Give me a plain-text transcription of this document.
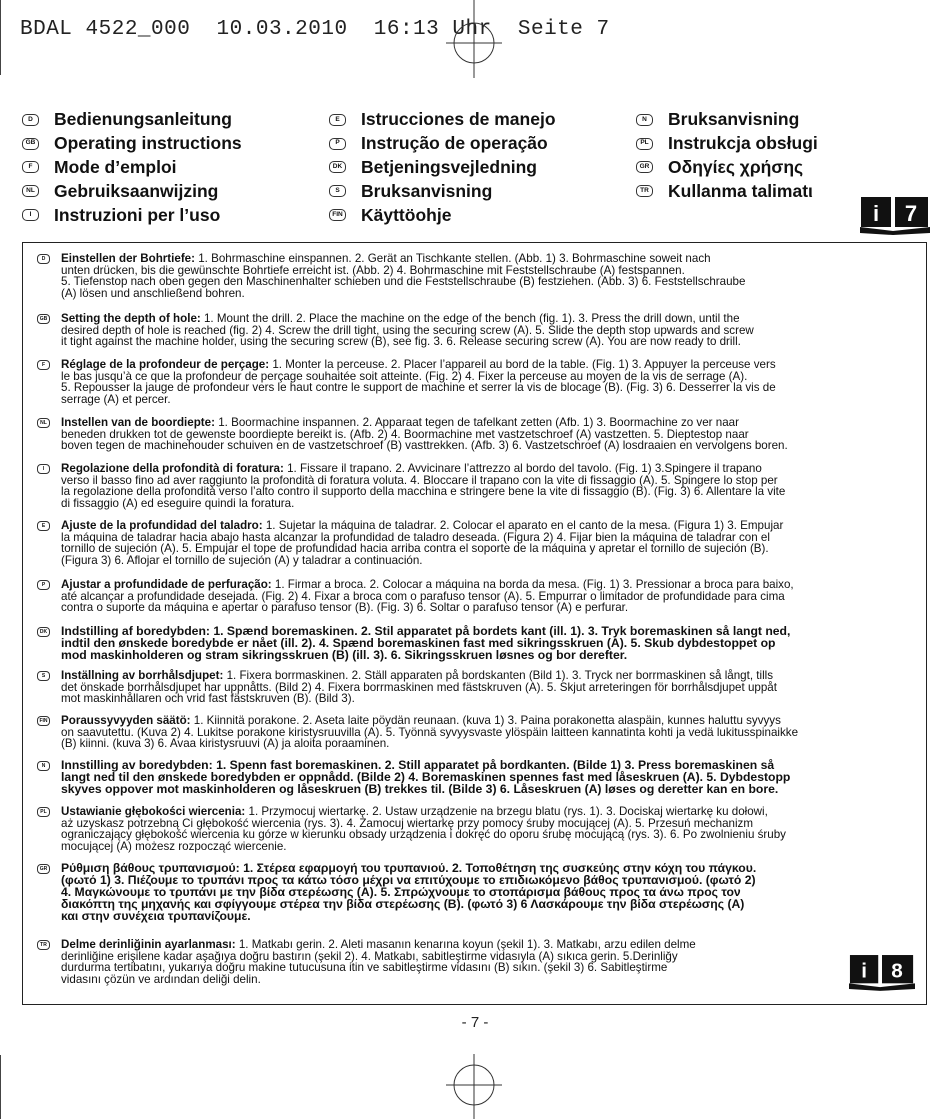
BDAL 4522_000  10.03.2010  16:13 Uhr  Seite 7
D	Bedienungsanleitung
GB Operating instructions
F	Mode d’emploi
NL Gebruiksaanwijzing
I	Instruzioni per l’uso
E	Istrucciones de manejo
P	Instrução de operação
DK Betjeningsvejledning
S	Bruksanvisning
FIN Käyttöohje
N	Bruksanvisning
PL Instrukcja obsługi
GR Οδηγίες χρήσης
TR Kullanma talimatι
i 7
D	Einstellen der Bohrtiefe: 1. Bohrmaschine einspannen. 2. Gerät an Tischkante stellen. (Abb. 1) 3. Bohrmaschine soweit nach
unten drücken, bis die gewünschte Bohrtiefe erreicht ist. (Abb. 2) 4. Bohrmaschine mit Feststellschraube (A) festspannen.
5. Tiefenstop nach oben gegen den Maschinenhalter schieben und die Feststellschraube (B) festziehen. (Abb. 3) 6. Feststellschraube
(A) lösen und anschließend bohren.
GB Setting the depth of hole: 1. Mount the drill. 2. Place the machine on the edge of the bench (fig. 1). 3. Press the drill down, until the
desired depth of hole is reached (fig. 2) 4. Screw the drill tight, using the securing screw (A). 5. Slide the depth stop upwards and screw
it tight against the machine holder, using the securing screw (B), see fig. 3. 6. Release securing screw (A). You are now ready to drill.
F	Réglage de la profondeur de perçage: 1. Monter la perceuse. 2. Placer l’appareil au bord de la table. (Fig. 1) 3. Appuyer la perceuse vers
le bas jusqu’à ce que la profondeur de perçage souhaitée soit atteinte. (Fig. 2) 4. Fixer la perceuse au moyen de la vis de serrage (A).
5. Repousser la jauge de profondeur vers le haut contre le support de machine et serrer la vis de blocage (B). (Fig. 3) 6. Desserrer la vis de
serrage (A) et percer.
NL Instellen van de boordiepte: 1. Boormachine inspannen. 2. Apparaat tegen de tafelkant zetten (Afb. 1) 3. Boormachine zo ver naar
beneden drukken tot de gewenste boordiepte bereikt is. (Afb. 2) 4. Boormachine met vastzetschroef (A) vastzetten. 5. Dieptestop naar
boven tegen de machinehouder schuiven en de vastzetschroef (B) vasttrekken. (Afb. 3) 6. Vastzetschroef (A) losdraaien en vervolgens boren.
I	Regolazione della profondità di foratura: 1. Fissare il trapano. 2. Avvicinare l’attrezzo al bordo del tavolo. (Fig. 1) 3.Spingere il trapano
verso il basso fino ad aver raggiunto la profondità di foratura voluta. 4. Bloccare il trapano con la vite di fissaggio (A). 5. Spingere lo stop per
la regolazione della profondità verso l’alto contro il supporto della macchina e stringere bene la vite di fissaggio (B). (Fig. 3) 6. Allentare la vite
di fissaggio (A) ed eseguire quindi la foratura.
E	Ajuste de la profundidad del taladro: 1. Sujetar la máquina de taladrar. 2. Colocar el aparato en el canto de la mesa. (Figura 1) 3. Empujar
la máquina de taladrar hacia abajo hasta alcanzar la profundidad de taladro deseada. (Figura 2) 4. Fijar bien la máquina de taladrar con el
tornillo de sujeción (A). 5. Empujar el tope de profundidad hacia arriba contra el soporte de la máquina y apretar el tornillo de sujeción (B).
(Figura 3) 6. Aflojar el tornillo de sujeción (A) y taladrar a continuación.
P	Ajustar a profundidade de perfuração: 1. Firmar a broca. 2. Colocar a máquina na borda da mesa. (Fig. 1) 3. Pressionar a broca para baixo,
até alcançar a profundidade desejada. (Fig. 2) 4. Fixar a broca com o parafuso tensor (A). 5. Empurrar o limitador de profundidade para cima
contra o suporte da máquina e apertar o parafuso tensor (B). (Fig. 3) 6. Soltar o parafuso tensor (A) e perfurar.
DK Indstilling af boredybden: 1. Spænd boremaskinen. 2. Stil apparatet på bordets kant (ill. 1). 3. Tryk boremaskinen så langt ned,
indtil den ønskede boredybde er nået (ill. 2). 4. Spænd boremaskinen fast med sikringsskruen (A). 5. Skub dybdestoppet op
mod maskinholderen og stram sikringsskruen (B) (ill. 3). 6. Sikringsskruen løsnes og bor derefter.
S	Inställning av borrhålsdjupet: 1. Fixera borrmaskinen. 2. Ställ apparaten på bordskanten (Bild 1). 3. Tryck ner borrmaskinen så långt, tills
det önskade borrhålsdjupet har uppnåtts. (Bild 2) 4. Fixera borrmaskinen med fästskruven (A). 5. Skjut arreteringen för borrhålsdjupet uppåt
mot maskinhållaren och vrid fast fästskruven (B). (Bild 3).
FIN Poraussyvyyden säätö: 1. Kiinnitä porakone. 2. Aseta laite pöydän reunaan. (kuva 1) 3. Paina porakonetta alaspäin, kunnes haluttu syvyys
on saavutettu. (Kuva 2) 4. Lukitse porakone kiristysruuvilla (A). 5. Työnnä syvyysvaste ylöspäin laitteen kannatinta kohti ja vedä lukitusspinaikke
(B) kiinni. (kuva 3) 6. Avaa kiristysruuvi (A) ja aloita poraaminen.
N	Innstilling av boredybden: 1. Spenn fast boremaskinen. 2. Still apparatet på bordkanten. (Bilde 1) 3. Press boremaskinen så
langt ned til den ønskede boredybden er oppnådd. (Bilde 2) 4. Boremaskinen spennes fast med låseskruen (A). 5. Dybdestopp
skyves oppover mot maskinholderen og låseskruen (B) trekkes til. (Bilde 3) 6. Låseskruen (A) løses og deretter kan en bore.
PL Ustawianie głębokości wiercenia: 1. Przymocuj wiertarkę. 2. Ustaw urządzenie na brzegu blatu (rys. 1). 3. Dociskaj wiertarkę ku dołowi,
aż uzyskasz potrzebną Ci głębokość wiercenia (rys. 3). 4. Zamocuj wiertarkę przy pomocy śruby mocującej (A). 5. Przesuń mechanizm
ograniczający głębokość wiercenia ku górze w kierunku obsady urządzenia i dokręć do oporu śrubę mocującą (rys. 3). 6. Po zwolnieniu śruby
mocującej (A) możesz rozpocząć wiercenie.
GR Ρύθμιση βάθους τρυπανισμού: 1. Στέρεα εφαρμογή του τρυπανιού. 2. Τοποθέτηση της συσκεύης στην κόχη του πάγκου.
(φωτό 1) 3. Πιέζουμε το τρυπάνι προς τα κάτω τόσο μέχρι να επιτύχουμε το επιδιωκόμενο βάθος τρυπανισμού. (φωτό 2)
4. Μαγκώνουμε το τρυπάνι με την βίδα στερέωσης (A). 5. Σπρώχνουμε το στοπάρισμα βάθους προς τα άνω προς τον
διακόπτη της μηχανής και σφίγγουμε στέρεα την βίδα στερέωσης (B). (φωτό 3) 6 Λασκάρουμε την βίδα στερέωσης (A)
και στην συνέχεια τρυπανίζουμε.
TR Delme derinliğinin ayarlanması: 1. Matkabı gerin. 2. Aleti masanın kenarına koyun (şekil 1). 3. Matkabı, arzu edilen delme
derinliğine erişilene kadar aşağıya doğru bastırın (şekil 2). 4. Matkabı, sabitleştirme vidasıyla (A) sıkıca gerin. 5.Derinliğy
durdurma tertibatını, yukarıya doğru makine tutucusuna itin ve sabitleştirme vidasını (B) sıkın. (şekil 3) 6. Sabitleştirme
vidasını çözün ve ardından deliği delin.	i 8
- 7 -
